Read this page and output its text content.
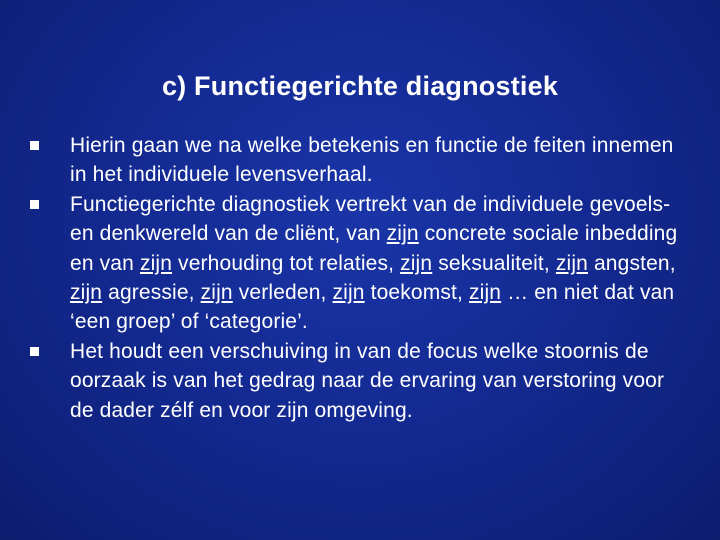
c) Functiegerichte diagnostiek
Hierin gaan we na welke betekenis en functie de feiten innemen in het individuele levensverhaal.
Functiegerichte diagnostiek vertrekt van de individuele gevoels-en denkwereld van de cliënt, van zijn concrete sociale inbedding en van zijn verhouding tot relaties, zijn seksualiteit, zijn angsten, zijn agressie, zijn verleden, zijn toekomst, zijn … en niet dat van ‘een groep’ of ‘categorie’.
Het houdt een verschuiving in van de focus welke stoornis de oorzaak is van het gedrag naar de ervaring van verstoring voor de dader zélf en voor zijn omgeving.
